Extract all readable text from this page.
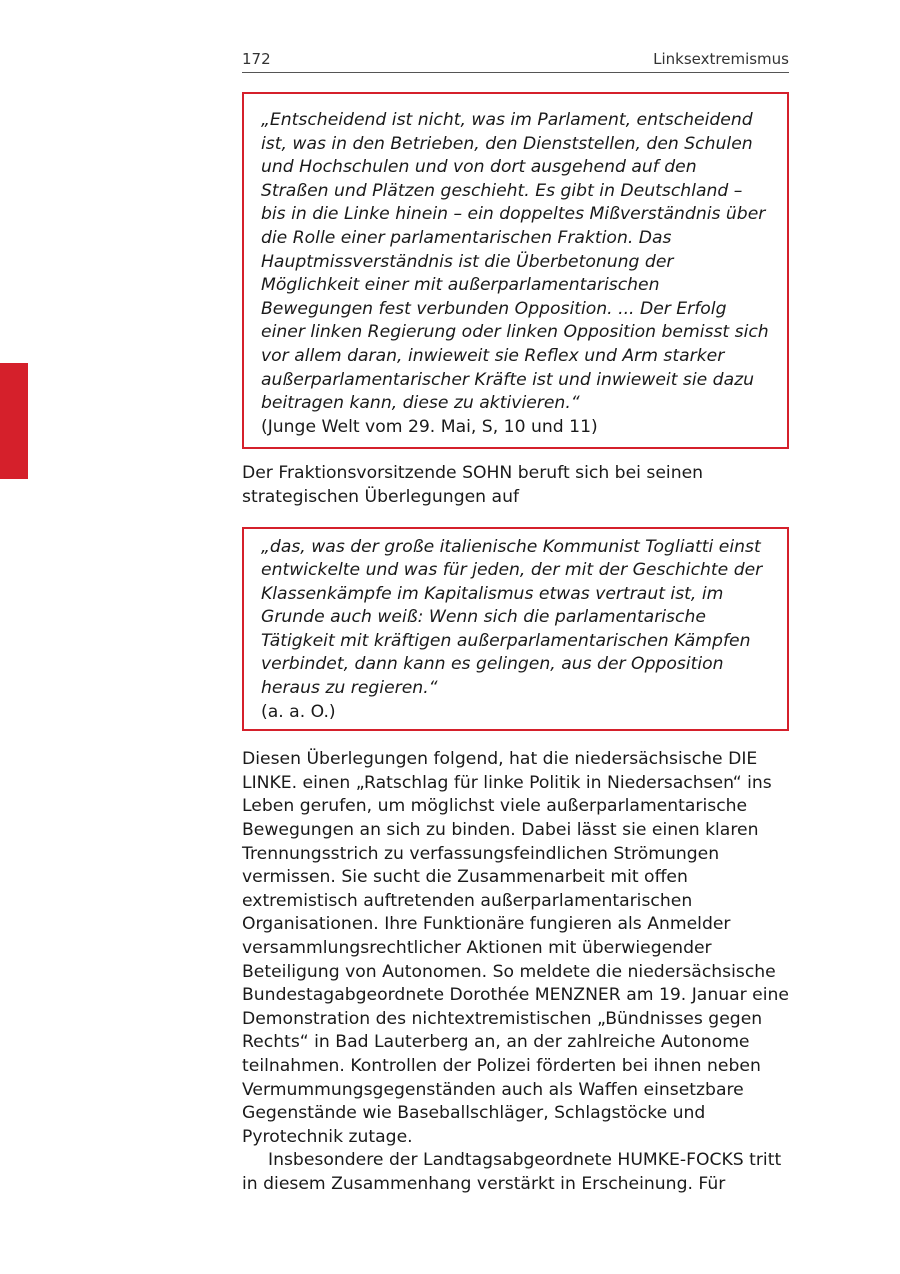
172	Linksextremismus
„Entscheidend ist nicht, was im Parlament, entscheidend ist, was in den Betrieben, den Dienststellen, den Schulen und Hochschulen und von dort ausgehend auf den Straßen und Plätzen geschieht. Es gibt in Deutschland – bis in die Linke hinein – ein doppeltes Mißverständnis über die Rolle einer parlamentarischen Fraktion. Das Hauptmissverständnis ist die Überbetonung der Möglichkeit einer mit außerparlamentarischen Bewegungen fest verbunden Opposition. ... Der Erfolg einer linken Regierung oder linken Opposition bemisst sich vor allem daran, inwieweit sie Reflex und Arm starker außerparlamentarischer Kräfte ist und inwieweit sie dazu beitragen kann, diese zu aktivieren.“
(Junge Welt vom 29. Mai, S, 10 und 11)

Der Fraktionsvorsitzende SOHN beruft sich bei seinen strategischen Überlegungen auf

„das, was der große italienische Kommunist Togliatti einst entwickelte und was für jeden, der mit der Geschichte der Klassenkämpfe im Kapitalismus etwas vertraut ist, im Grunde auch weiß: Wenn sich die parlamentarische Tätigkeit mit kräftigen außerparlamentarischen Kämpfen verbindet, dann kann es gelingen, aus der Opposition heraus zu regieren.“
(a. a. O.)

Diesen Überlegungen folgend, hat die niedersächsische DIE LINKE. einen „Ratschlag für linke Politik in Niedersachsen“ ins Leben gerufen, um möglichst viele außerparlamentarische Bewegungen an sich zu binden. Dabei lässt sie einen klaren Trennungsstrich zu verfassungsfeindlichen Strömungen vermissen. Sie sucht die Zusammenarbeit mit offen extremistisch auftretenden außerparlamentarischen Organisationen. Ihre Funktionäre fungieren als Anmelder versammlungsrechtlicher Aktionen mit überwiegender Beteiligung von Autonomen. So meldete die niedersächsische Bundestagabgeordnete Dorothée MENZNER am 19. Januar eine Demonstration des nichtextremistischen „Bündnisses gegen Rechts“ in Bad Lauterberg an, an der zahlreiche Autonome teilnahmen. Kontrollen der Polizei förderten bei ihnen neben Vermummungsgegenständen auch als Waffen einsetzbare Gegenstände wie Baseballschläger, Schlagstöcke und Pyrotechnik zutage.

Insbesondere der Landtagsabgeordnete HUMKE-FOCKS tritt in diesem Zusammenhang verstärkt in Erscheinung. Für
